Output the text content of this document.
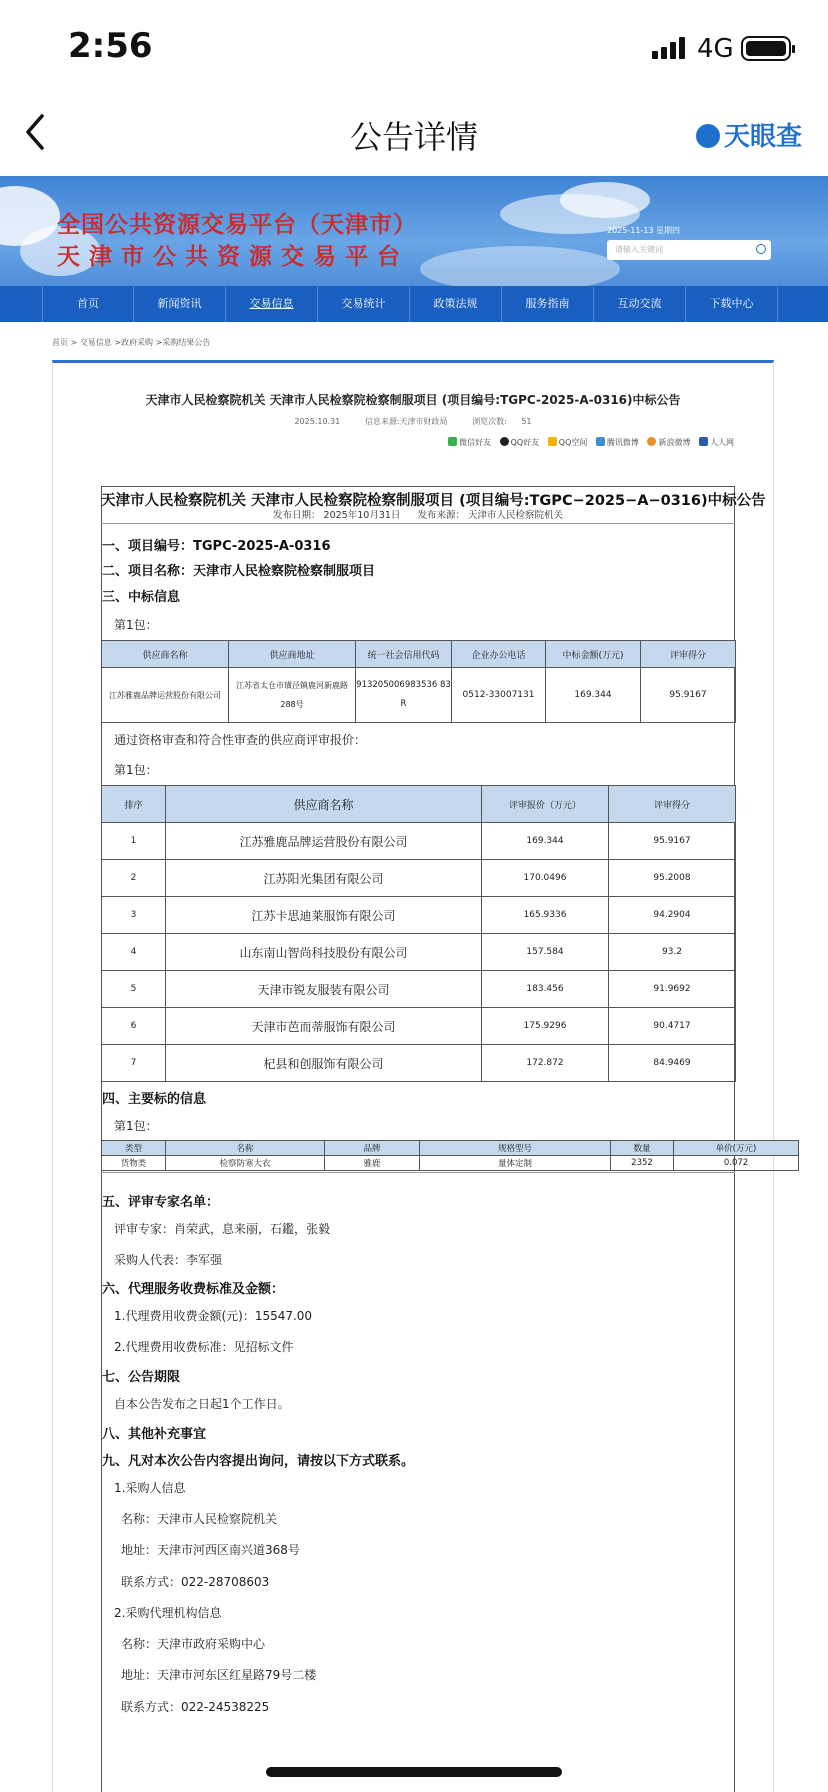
2:56	4G
公告详情	天眼查
全国公共资源交易平台（天津市）
天津市公共资源交易平台
2025-11-13 星期四
请输入关键词
首页	新闻资讯	交易信息	交易统计	政策法规	服务指南	互动交流	下载中心
首页 > 交易信息 >政府采购 >采购结果公告
天津市人民检察院机关 天津市人民检察院检察制服项目 (项目编号:TGPC-2025-A-0316)中标公告
2025.10.31	信息来源:天津市财政局	浏览次数: 51
微信好友 QQ好友 QQ空间 腾讯微博 新浪微博 人人网
天津市人民检察院机关 天津市人民检察院检察制服项目 (项目编号:TGPC−2025−A−0316)中标公告
发布日期： 2025年10月31日 发布来源： 天津市人民检察院机关
一、项目编号：TGPC-2025-A-0316
二、项目名称：天津市人民检察院检察制服项目
三、中标信息
第1包：
供应商名称	供应商地址	统一社会信用代码	企业办公电话	中标金额(万元)	评审得分
江苏雅鹿品牌运营股份有限公司	江苏省太仓市璜泾镇鹿河新鹿路288号	913205006983536 83R	0512-33007131	169.344	95.9167
通过资格审查和符合性审查的供应商评审报价：
第1包：
排序	供应商名称	评审报价（万元）	评审得分
1	江苏雅鹿品牌运营股份有限公司	169.344	95.9167
2	江苏阳光集团有限公司	170.0496	95.2008
3	江苏卡思迪莱服饰有限公司	165.9336	94.2904
4	山东南山智尚科技股份有限公司	157.584	93.2
5	天津市锐友服装有限公司	183.456	91.9692
6	天津市芭而蒂服饰有限公司	175.9296	90.4717
7	杞县和创服饰有限公司	172.872	84.9469
四、主要标的信息
第1包：
类型	名称	品牌	规格型号	数量	单价(万元)
货物类	检察防寒大衣	雅鹿	量体定制	2352	0.072
五、评审专家名单：
评审专家：肖荣武，息来丽，石鑑，张毅
采购人代表：李军强
六、代理服务收费标准及金额：
1.代理费用收费金额(元)：15547.00
2.代理费用收费标准：见招标文件
七、公告期限
自本公告发布之日起1个工作日。
八、其他补充事宜
九、凡对本次公告内容提出询问，请按以下方式联系。
1.采购人信息
名称：天津市人民检察院机关
地址：天津市河西区南兴道368号
联系方式：022-28708603
2.采购代理机构信息
名称：天津市政府采购中心
地址：天津市河东区红星路79号二楼
联系方式：022-24538225
